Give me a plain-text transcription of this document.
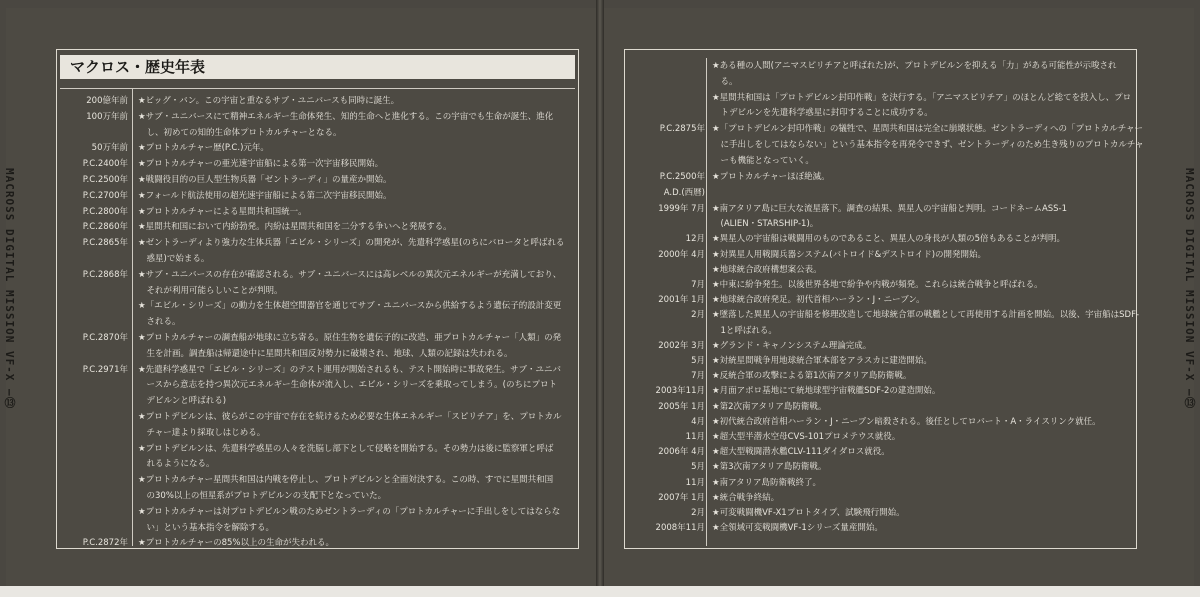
MACROSS DIGITAL MISSION VF-X —⑬	MACROSS DIGITAL MISSION VF-X —⑬
マクロス・歴史年表
A.D.(西暦)
200億年前 ★ビッグ・バン。この宇宙と重なるサブ・ユニバースも同時に誕生。
100万年前 ★サブ・ユニバースにて精神エネルギー生命体発生、知的生命へと進化する。この宇宙でも生命が誕生、進化
　し、初めての知的生命体プロトカルチャーとなる。
50万年前 ★プロトカルチャー歴(P.C.)元年。
P.C.2400年 ★プロトカルチャーの亜光速宇宙船による第一次宇宙移民開始。
P.C.2500年 ★戦闘役目的の巨人型生物兵器「ゼントラーディ」の量産か開始。
P.C.2700年 ★フォールド航法使用の超光速宇宙船による第二次宇宙移民開始。
P.C.2800年 ★プロトカルチャーによる星間共和国統一。
P.C.2860年 ★星間共和国において内紛勃発。内紛は星間共和国を二分する争いへと発展する。
P.C.2865年 ★ゼントラーディより強力な生体兵器「エビル・シリーズ」の開発が、先遣科学惑星(のちにバロータと呼ばれる
　惑星)で始まる。
P.C.2868年 ★サブ・ユニバースの存在が確認される。サブ・ユニバースには高レベルの異次元エネルギーが充満しており、
　それが利用可能らしいことが判明。
★「エビル・シリーズ」の動力を生体超空間器官を通じてサブ・ユニバースから供給するよう遺伝子的設計変更
　される。
P.C.2870年 ★プロトカルチャーの調査船が地球に立ち寄る。原住生物を遺伝子的に改造、亜プロトカルチャー「人類」の発
　生を計画。調査船は帰還途中に星間共和国反対勢力に破壊され、地球、人類の記録は失われる。
P.C.2971年 ★先遣科学惑星で「エビル・シリーズ」のテスト運用が開始されるも、テスト開始時に事故発生。サブ・ユニバ
　ースから意志を持つ異次元エネルギー生命体が流入し、エビル・シリーズを乗取ってしまう。(のちにプロト
　デビルンと呼ばれる)
★プロトデビルンは、彼らがこの宇宙で存在を続けるため必要な生体エネルギー「スピリチア」を、プロトカル
　チャー達より採取しはじめる。
★プロトデビルンは、先遣科学惑星の人々を洗脳し部下として侵略を開始する。その勢力は後に監察軍と呼ば
　れるようになる。
★プロトカルチャー星間共和国は内戦を停止し、プロトデビルンと全面対決する。この時、すでに星間共和国
　の30%以上の恒星系がプロトデビルンの支配下となっていた。
★プロトカルチャーは対プロトデビルン戦のためゼントラーディの「プロトカルチャーに手出しをしてはならな
　い」という基本指令を解除する。
P.C.2872年 ★プロトカルチャーの85%以上の生命が失われる。
★ある種の人間(アニマスピリチアと呼ばれた)が、プロトデビルンを抑える「力」がある可能性が示唆され
　る。
★星間共和国は「プロトデビルン封印作戦」を決行する。「アニマスピリチア」のほとんど総てを投入し、プロ
　トデビルンを先遣科学惑星に封印することに成功する。
P.C.2875年 ★「プロトデビルン封印作戦」の犠牲で、星間共和国は完全に崩壊状態。ゼントラーディへの「プロトカルチャー
　に手出しをしてはならない」という基本指令を再発令できず、ゼントラーディのため生き残りのプロトカルチャ
　ーも機能となっていく。
P.C.2500年 ★プロトカルチャーほぼ絶滅。
1999年 7月 ★南アタリア島に巨大な流星落下。調査の結果、異星人の宇宙船と判明。コードネームASS-1
　(ALIEN・STARSHIP-1)。
12月 ★異星人の宇宙船は戦闘用のものであること、異星人の身長が人類の5倍もあることが判明。
2000年 4月 ★対異星人用戦闘兵器システム(バトロイド&デストロイド)の開発開始。
★地球統合政府構想案公表。
7月 ★中東に紛争発生。以後世界各地で紛争や内戦が頻発。これらは統合戦争と呼ばれる。
2001年 1月 ★地球統合政府発足。初代首相ハーラン・J・ニーブン。
2月 ★墜落した異星人の宇宙船を修理改造して地球統合軍の戦艦として再使用する計画を開始。以後、宇宙船はSDF-
　1と呼ばれる。
2002年 3月 ★グランド・キャノンシステム理論完成。
5月 ★対統星間戦争用地球統合軍本部をアラスカに建造開始。
7月 ★反統合軍の攻撃による第1次南アタリア島防衛戦。
2003年11月 ★月面アポロ基地にて統地球型宇宙戦艦SDF-2の建造開始。
2005年 1月 ★第2次南アタリア島防衛戦。
4月 ★初代統合政府首相ハーラン・J・ニーブン暗殺される。後任としてロバート・A・ライスリンク就任。
11月 ★超大型半潜水空母CVS-101プロメテウス就役。
2006年 4月 ★超大型戦闘潜水艦CLV-111ダイダロス就役。
5月 ★第3次南アタリア島防衛戦。
11月 ★南アタリア島防衛戦終了。
2007年 1月 ★統合戦争終結。
2月 ★可変戦闘機VF-X1プロトタイプ、試験飛行開始。
2008年11月 ★全領域可変戦闘機VF-1シリーズ量産開始。
